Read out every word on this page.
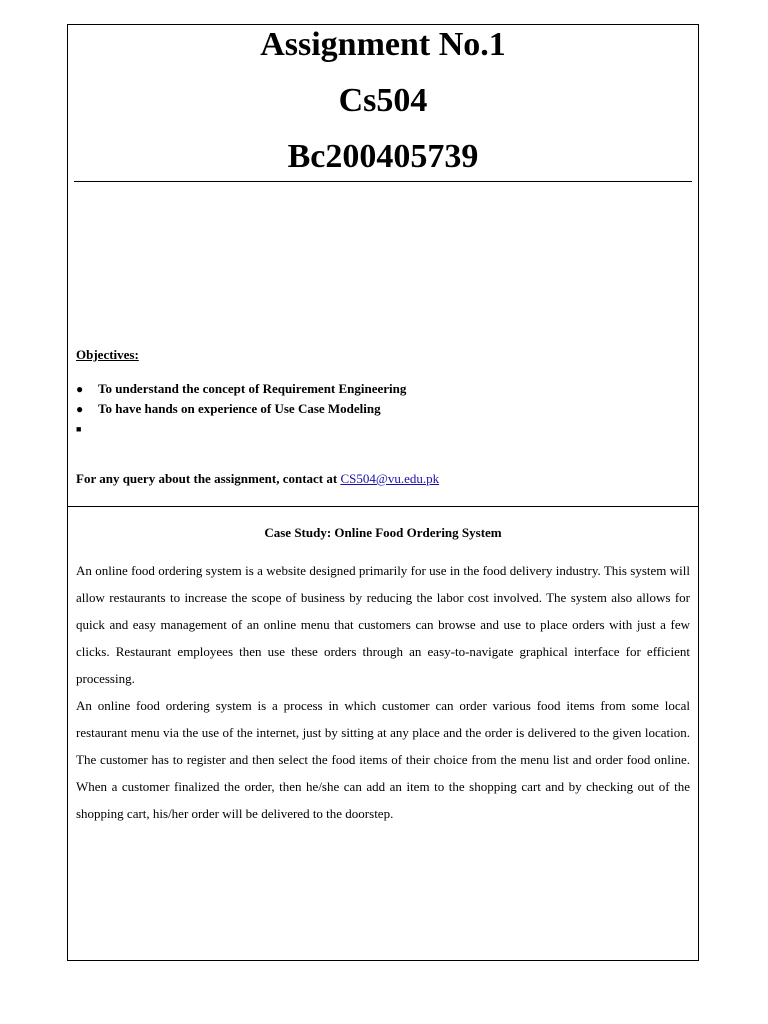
Assignment No.1

Cs504

Bc200405739

Objectives:
●	To understand the concept of Requirement Engineering
●	To have hands on experience of Use Case Modeling
■
For any query about the assignment, contact at CS504@vu.edu.pk
Case Study: Online Food Ordering System

An online food ordering system is a website designed primarily for use in the food delivery industry. This system will allow restaurants to increase the scope of business by reducing the labor cost involved. The system also allows for quick and easy management of an online menu that customers can browse and use to place orders with just a few clicks. Restaurant employees then use these orders through an easy-to-navigate graphical interface for efficient processing.

An online food ordering system is a process in which customer can order various food items from some local restaurant menu via the use of the internet, just by sitting at any place and the order is delivered to the given location. The customer has to register and then select the food items of their choice from the menu list and order food online. When a customer finalized the order, then he/she can add an item to the shopping cart and by checking out of the shopping cart, his/her order will be delivered to the doorstep.
